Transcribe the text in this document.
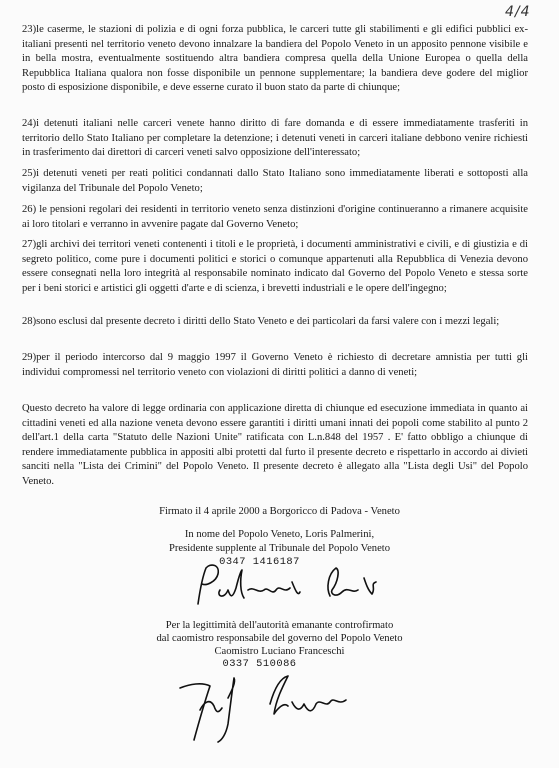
4/4

23)le caserme, le stazioni di polizia e di ogni forza pubblica, le carceri tutte gli stabilimenti e gli edifici pubblici ex-italiani presenti nel territorio veneto devono innalzare la bandiera del Popolo Veneto in un apposito pennone visibile e in bella mostra, eventualmente sostituendo altra bandiera compresa quella della Unione Europea o quella della Repubblica Italiana qualora non fosse disponibile un pennone supplementare; la bandiera deve godere del miglior posto di esposizione disponibile, e deve esserne curato il buon stato da parte di chiunque;

24)i detenuti italiani nelle carceri venete hanno diritto di fare domanda e di essere immediatamente trasferiti in territorio dello Stato Italiano per completare la detenzione; i detenuti veneti in carceri italiane debbono venire richiesti in trasferimento dai direttori di carceri veneti salvo opposizione dell'interessato;

25)i detenuti veneti per reati politici condannati dallo Stato Italiano sono immediatamente liberati e sottoposti alla vigilanza del Tribunale del Popolo Veneto;

26) le pensioni regolari dei residenti in territorio veneto senza distinzioni d'origine continueranno a rimanere acquisite ai loro titolari e verranno in avvenire pagate dal Governo Veneto;

27)gli archivi dei territori veneti contenenti i titoli e le proprietà, i documenti amministrativi e civili, e di giustizia e di segreto politico, come pure i documenti politici e storici o comunque appartenuti alla Repubblica di Venezia devono essere consegnati nella loro integrità al responsabile nominato indicato dal Governo del Popolo Veneto e stessa sorte per i beni storici e artistici gli oggetti d'arte e di scienza, i brevetti industriali e le opere dell'ingegno;

28)sono esclusi dal presente decreto i diritti dello Stato Veneto e dei particolari da farsi valere con i mezzi legali;

29)per il periodo intercorso dal 9 maggio 1997 il Governo Veneto è richiesto di decretare amnistia per tutti gli individui compromessi nel territorio veneto con violazioni di diritti politici a danno di veneti;

Questo decreto ha valore di legge ordinaria con applicazione diretta di chiunque ed esecuzione immediata in quanto ai cittadini veneti ed alla nazione veneta devono essere garantiti i diritti umani innati dei popoli come stabilito al punto 2 dell'art.1 della carta "Statuto delle Nazioni Unite" ratificata con L.n.848 del 1957 . E' fatto obbligo a chiunque di rendere immediatamente pubblica in appositi albi protetti dal furto il presente decreto e rispettarlo in accordo ai divieti sanciti nella "Lista dei Crimini" del Popolo Veneto. Il presente decreto è allegato alla "Lista degli Usi" del Popolo Veneto.

Firmato il 4 aprile 2000 a Borgoricco di Padova - Veneto
In nome del Popolo Veneto, Loris Palmerini,
Presidente supplente al Tribunale del Popolo Veneto
0347 1416187
Per la legittimità dell'autorità emanante controfirmato
dal caomistro responsabile del governo del Popolo Veneto
Caomistro Luciano Franceschi
0337 510086
